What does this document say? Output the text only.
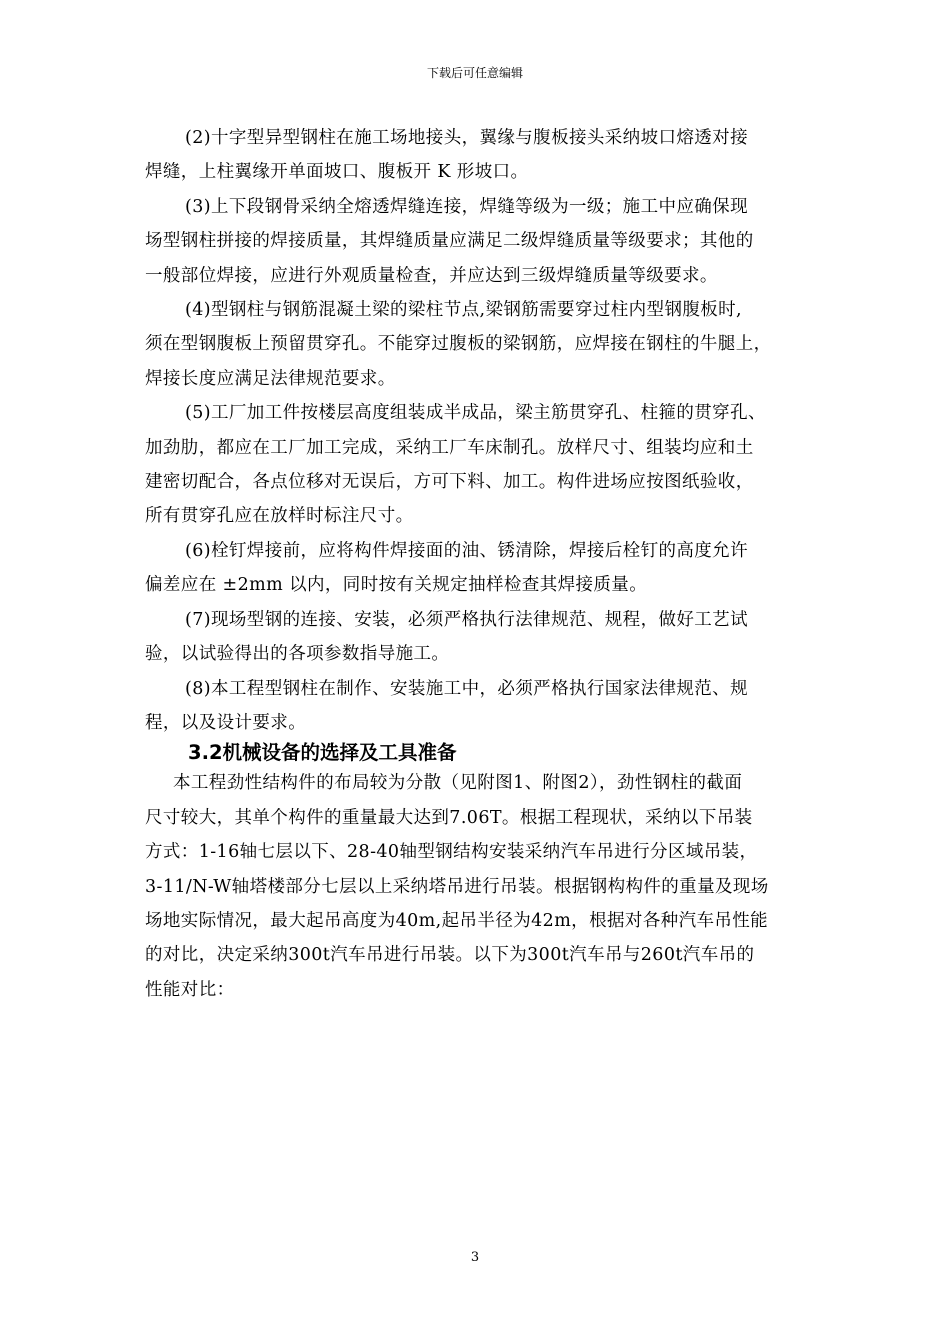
下载后可任意编辑
(2)十字型异型钢柱在施工场地接头，翼缘与腹板接头采纳坡口熔透对接
焊缝，上柱翼缘开单面坡口、腹板开 K 形坡口。
(3)上下段钢骨采纳全熔透焊缝连接，焊缝等级为一级；施工中应确保现
场型钢柱拼接的焊接质量，其焊缝质量应满足二级焊缝质量等级要求；其他的
一般部位焊接，应进行外观质量检查，并应达到三级焊缝质量等级要求。
(4)型钢柱与钢筋混凝土梁的梁柱节点,梁钢筋需要穿过柱内型钢腹板时,
须在型钢腹板上预留贯穿孔。不能穿过腹板的梁钢筋，应焊接在钢柱的牛腿上，
焊接长度应满足法律规范要求。
(5)工厂加工件按楼层高度组装成半成品，梁主筋贯穿孔、柱箍的贯穿孔、
加劲肋，都应在工厂加工完成，采纳工厂车床制孔。放样尺寸、组装均应和土
建密切配合，各点位移对无误后，方可下料、加工。构件进场应按图纸验收，
所有贯穿孔应在放样时标注尺寸。
(6)栓钉焊接前，应将构件焊接面的油、锈清除，焊接后栓钉的高度允许
偏差应在 ±2mm 以内，同时按有关规定抽样检查其焊接质量。
(7)现场型钢的连接、安装，必须严格执行法律规范、规程，做好工艺试
验，以试验得出的各项参数指导施工。
(8)本工程型钢柱在制作、安装施工中，必须严格执行国家法律规范、规
程，以及设计要求。
3.2机械设备的选择及工具准备
本工程劲性结构件的布局较为分散（见附图1、附图2），劲性钢柱的截面
尺寸较大，其单个构件的重量最大达到7.06T。根据工程现状，采纳以下吊装
方式：1-16轴七层以下、28-40轴型钢结构安装采纳汽车吊进行分区域吊装，
3-11/N-W轴塔楼部分七层以上采纳塔吊进行吊装。根据钢构构件的重量及现场
场地实际情况，最大起吊高度为40m,起吊半径为42m，根据对各种汽车吊性能
的对比，决定采纳300t汽车吊进行吊装。以下为300t汽车吊与260t汽车吊的
性能对比：
3
